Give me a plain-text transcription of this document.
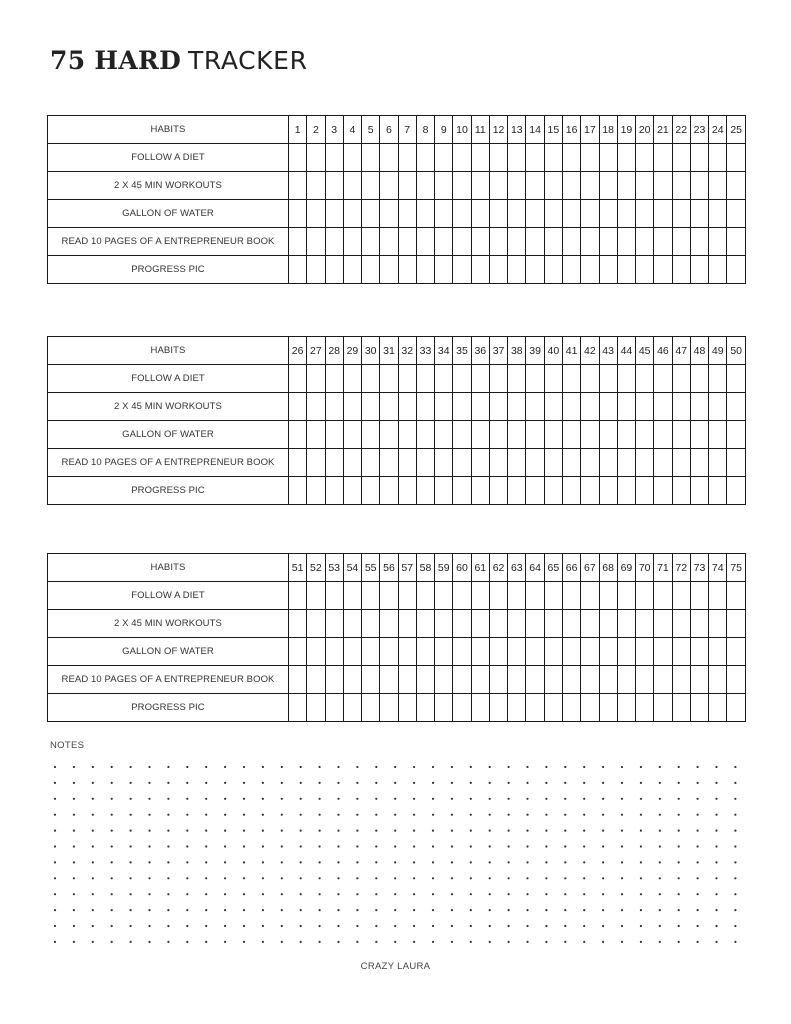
75 HARD TRACKER
HABITS	1	2	3	4	5	6	7	8	9	10	11	12	13	14	15	16	17	18	19	20	21	22	23	24	25
FOLLOW A DIET																									
2 X 45 MIN WORKOUTS																									
GALLON OF WATER																									
READ 10 PAGES OF A ENTREPRENEUR BOOK																									
PROGRESS PIC																									
HABITS	26	27	28	29	30	31	32	33	34	35	36	37	38	39	40	41	42	43	44	45	46	47	48	49	50
FOLLOW A DIET																									
2 X 45 MIN WORKOUTS																									
GALLON OF WATER																									
READ 10 PAGES OF A ENTREPRENEUR BOOK																									
PROGRESS PIC																									
HABITS	51	52	53	54	55	56	57	58	59	60	61	62	63	64	65	66	67	68	69	70	71	72	73	74	75
FOLLOW A DIET																									
2 X 45 MIN WORKOUTS																									
GALLON OF WATER																									
READ 10 PAGES OF A ENTREPRENEUR BOOK																									
PROGRESS PIC																									
NOTES
CRAZY LAURA
